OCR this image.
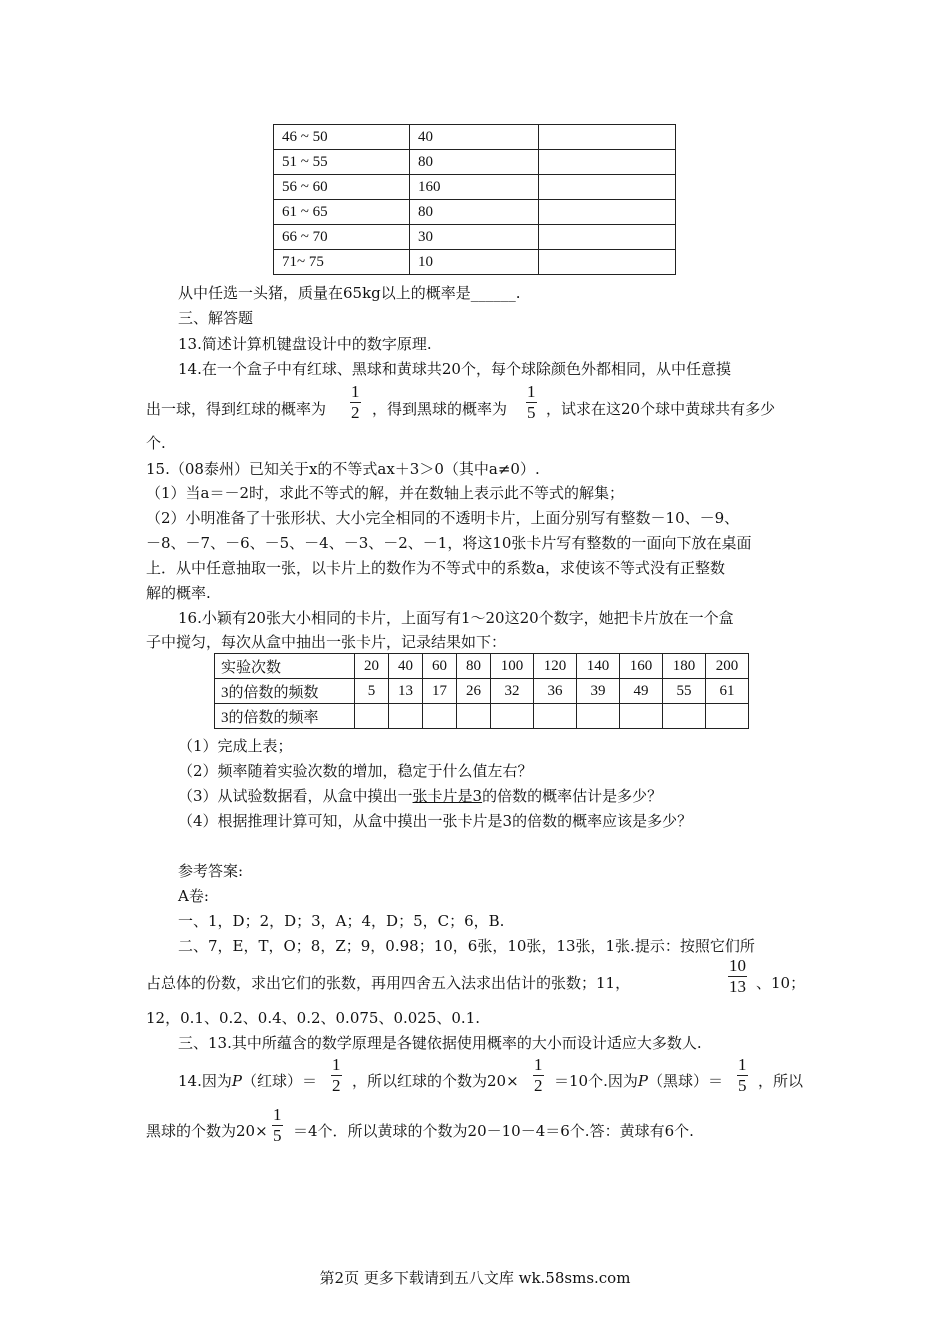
46 ~ 50	40	
51 ~ 55	80	
56 ~ 60	160	
61 ~ 65	80	
66 ~ 70	30	
71~ 75	10	
从中任选一头猪，质量在65kg以上的概率是______.
三、解答题
13.简述计算机键盘设计中的数字原理.
14.在一个盒子中有红球、黑球和黄球共20个，每个球除颜色外都相同，从中任意摸
出一球，得到红球的概率为 $\frac{1}{2}$ ，得到黑球的概率为 $\frac{1}{5}$ ，试求在这20个球中黄球共有多少
个.
15.（08泰州）已知关于x的不等式ax＋3＞0（其中a≠0）.
（1）当a＝－2时，求此不等式的解，并在数轴上表示此不等式的解集；
（2）小明准备了十张形状、大小完全相同的不透明卡片，上面分别写有整数－10、－9、
－8、－7、－6、－5、－4、－3、－2、－1，将这10张卡片写有整数的一面向下放在桌面
上．从中任意抽取一张，以卡片上的数作为不等式中的系数a，求使该不等式没有正整数
解的概率.
16.小颖有20张大小相同的卡片，上面写有1～20这20个数字，她把卡片放在一个盒
子中搅匀，每次从盒中抽出一张卡片，记录结果如下：
实验次数	20	40	60	80	100	120	140	160	180	200
3的倍数的频数	5	13	17	26	32	36	39	49	55	61
3的倍数的频率										
（1）完成上表；
（2）频率随着实验次数的增加，稳定于什么值左右？
（3）从试验数据看，从盒中摸出一张卡片是3的倍数的概率估计是多少？
（4）根据推理计算可知，从盒中摸出一张卡片是3的倍数的概率应该是多少？
参考答案:
A卷:
一、1，D；2，D；3，A；4，D；5，C；6，B.
二、7，E，T，O；8，Z；9，0.98；10，6张，10张，13张，1张.提示：按照它们所
占总体的份数，求出它们的张数，再用四舍五入法求出估计的张数；11，	$\frac{10}{13}$ 、10；
12，0.1、0.2、0.4、0.2、0.075、0.025、0.1.
三、13.其中所蕴含的数学原理是各键依据使用概率的大小而设计适应大多数人.
14.因为P（红球）＝ $\frac{1}{2}$ ，所以红球的个数为$20\times \frac{1}{2} =10$个.因为P（黑球）＝ $\frac{1}{5}$ ，所以
黑球的个数为$20\times \frac{1}{5} =4$个．所以黄球的个数为20－10－4＝6个.答：黄球有6个.
第2页 更多下载请到五八文库 wk.58sms.com
